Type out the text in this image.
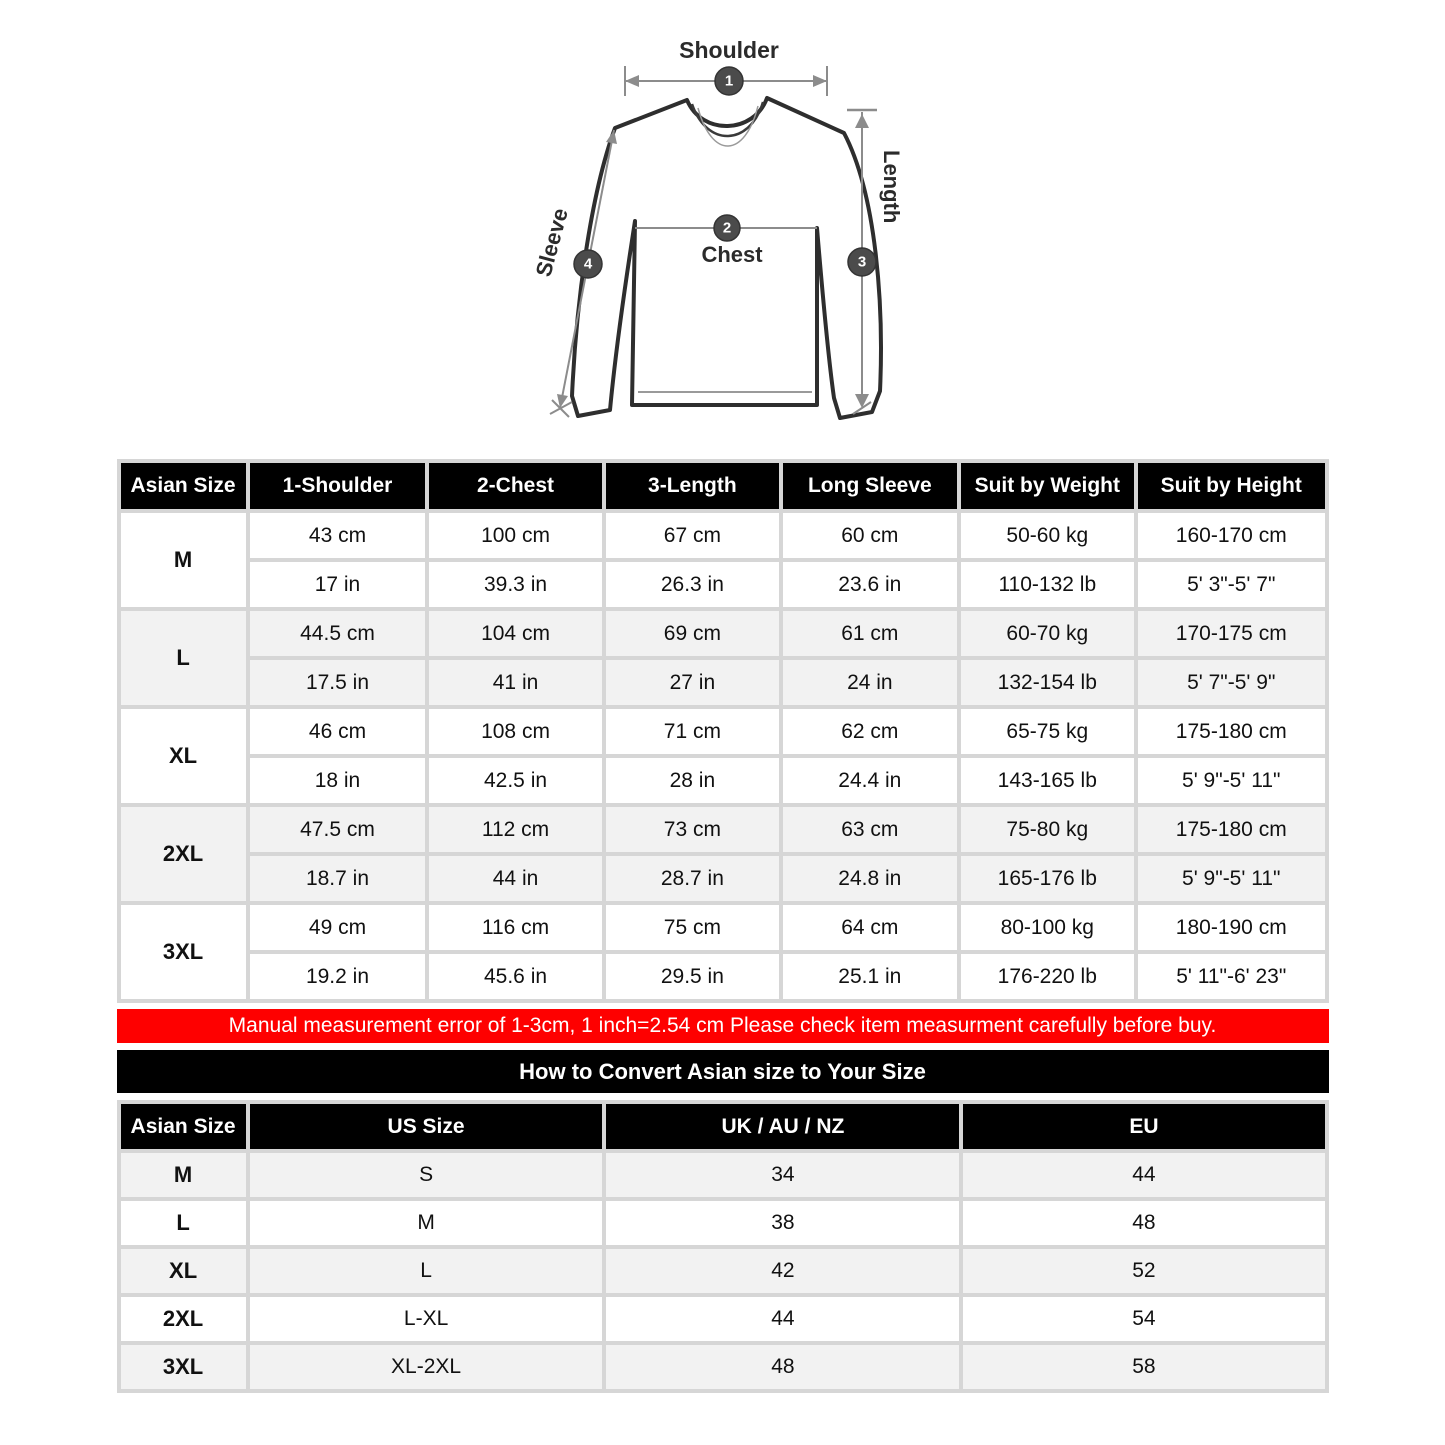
1
2
3
4
Shoulder
Chest
Length
Sleeve
Asian Size	1-Shoulder	2-Chest	3-Length	Long Sleeve	Suit by Weight	Suit by Height
M	43 cm	100 cm	67 cm	60 cm	50-60 kg	160-170 cm
	17 in	39.3 in	26.3 in	23.6 in	110-132 lb	5' 3"-5' 7"
L	44.5 cm	104 cm	69 cm	61 cm	60-70 kg	170-175 cm
	17.5 in	41 in	27 in	24 in	132-154 lb	5' 7"-5' 9"
XL	46 cm	108 cm	71 cm	62 cm	65-75 kg	175-180 cm
	18 in	42.5 in	28 in	24.4 in	143-165 lb	5' 9"-5' 11"
2XL	47.5 cm	112 cm	73 cm	63 cm	75-80 kg	175-180 cm
	18.7 in	44 in	28.7 in	24.8 in	165-176 lb	5' 9"-5' 11"
3XL	49 cm	116 cm	75 cm	64 cm	80-100 kg	180-190 cm
	19.2 in	45.6 in	29.5 in	25.1 in	176-220 lb	5' 11"-6' 23"
Manual measurement error of 1-3cm, 1 inch=2.54 cm Please check item measurment carefully before buy.
How to Convert Asian size to Your Size
Asian Size	US Size	UK / AU / NZ	EU
M	S	34	44
L	M	38	48
XL	L	42	52
2XL	L-XL	44	54
3XL	XL-2XL	48	58
